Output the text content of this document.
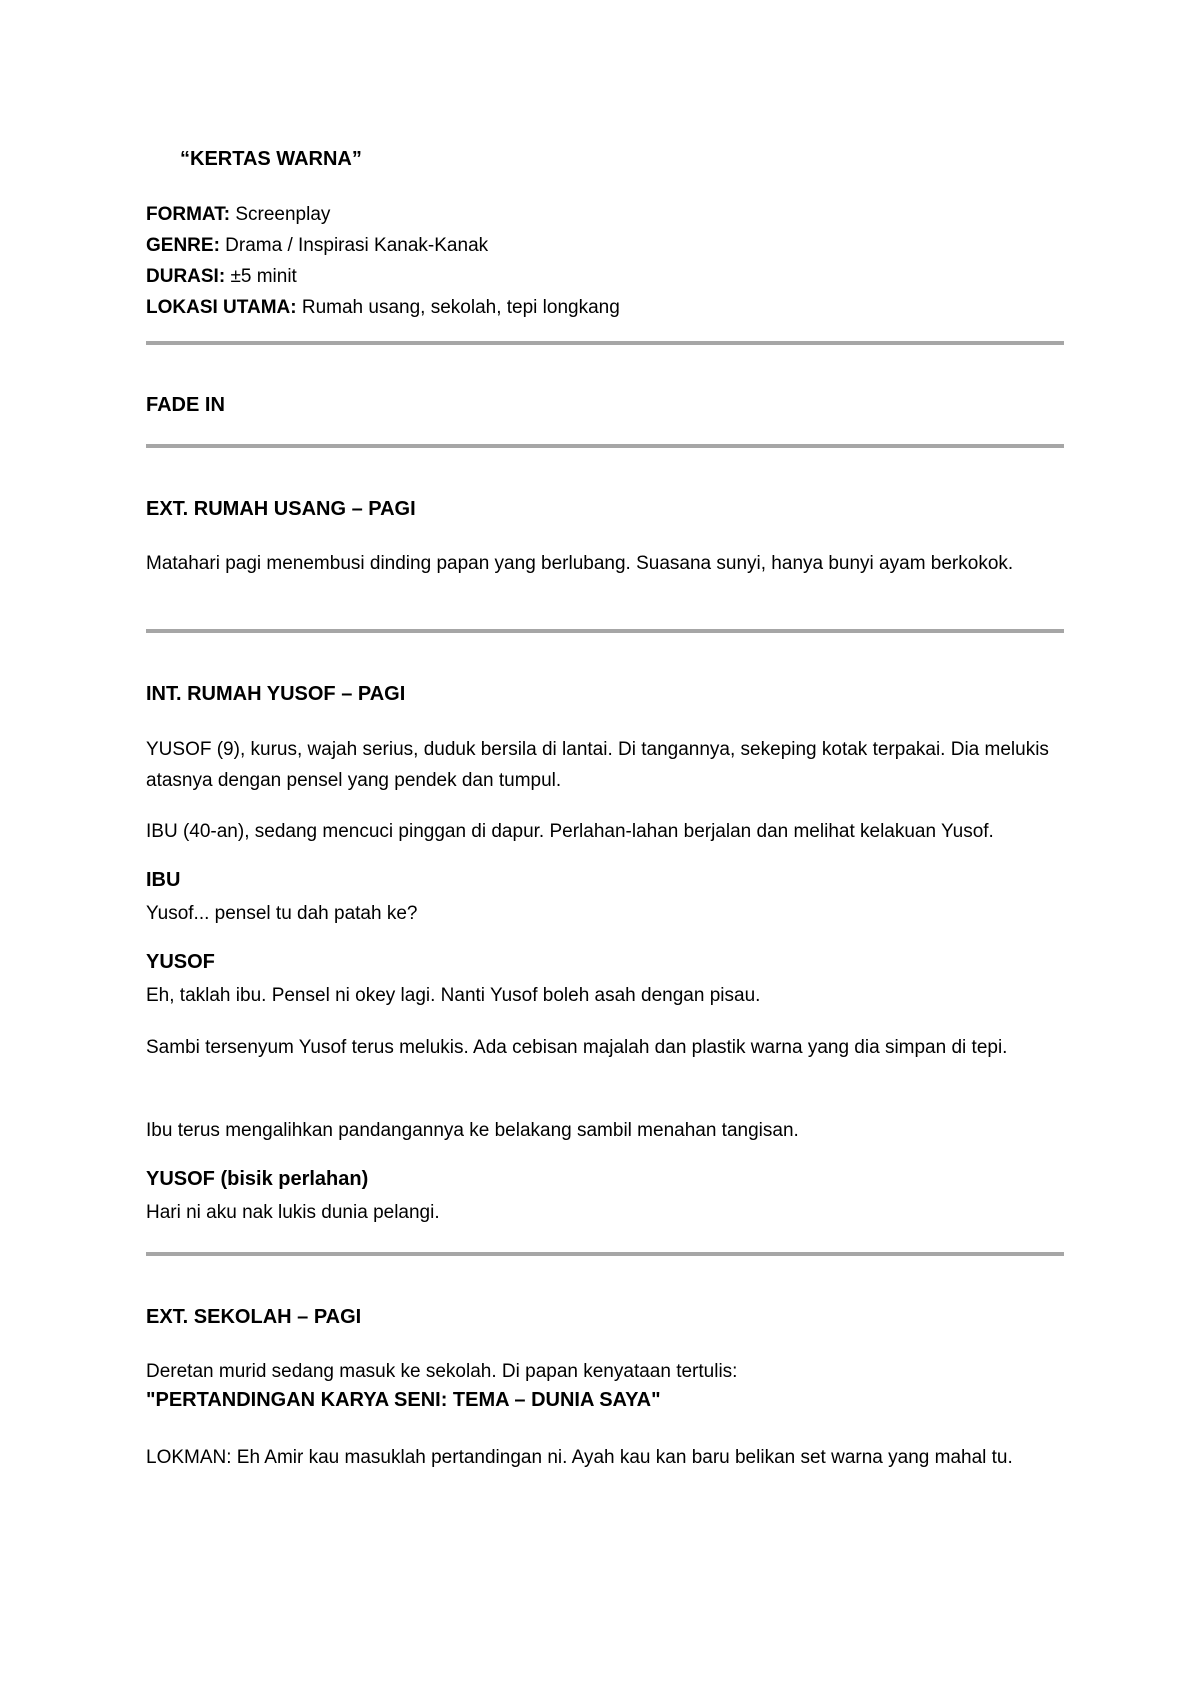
“KERTAS WARNA”
FORMAT: Screenplay
GENRE: Drama / Inspirasi Kanak-Kanak
DURASI: ±5 minit
LOKASI UTAMA: Rumah usang, sekolah, tepi longkang
FADE IN
EXT. RUMAH USANG – PAGI
Matahari pagi menembusi dinding papan yang berlubang. Suasana sunyi, hanya bunyi ayam berkokok.
INT. RUMAH YUSOF – PAGI
YUSOF (9), kurus, wajah serius, duduk bersila di lantai. Di tangannya, sekeping kotak terpakai. Dia melukis atasnya dengan pensel yang pendek dan tumpul.
IBU (40-an), sedang mencuci pinggan di dapur. Perlahan-lahan berjalan dan melihat kelakuan Yusof.
IBU
Yusof... pensel tu dah patah ke?
YUSOF
Eh, taklah ibu. Pensel ni okey lagi. Nanti Yusof boleh asah dengan pisau.
Sambi tersenyum Yusof terus melukis. Ada cebisan majalah dan plastik warna yang dia simpan di tepi.
Ibu terus mengalihkan pandangannya ke belakang sambil menahan tangisan.
YUSOF (bisik perlahan)
Hari ni aku nak lukis dunia pelangi.
EXT. SEKOLAH – PAGI
Deretan murid sedang masuk ke sekolah. Di papan kenyataan tertulis:
"PERTANDINGAN KARYA SENI: TEMA – DUNIA SAYA"
LOKMAN: Eh Amir kau masuklah pertandingan ni. Ayah kau kan baru belikan set warna yang mahal tu.
